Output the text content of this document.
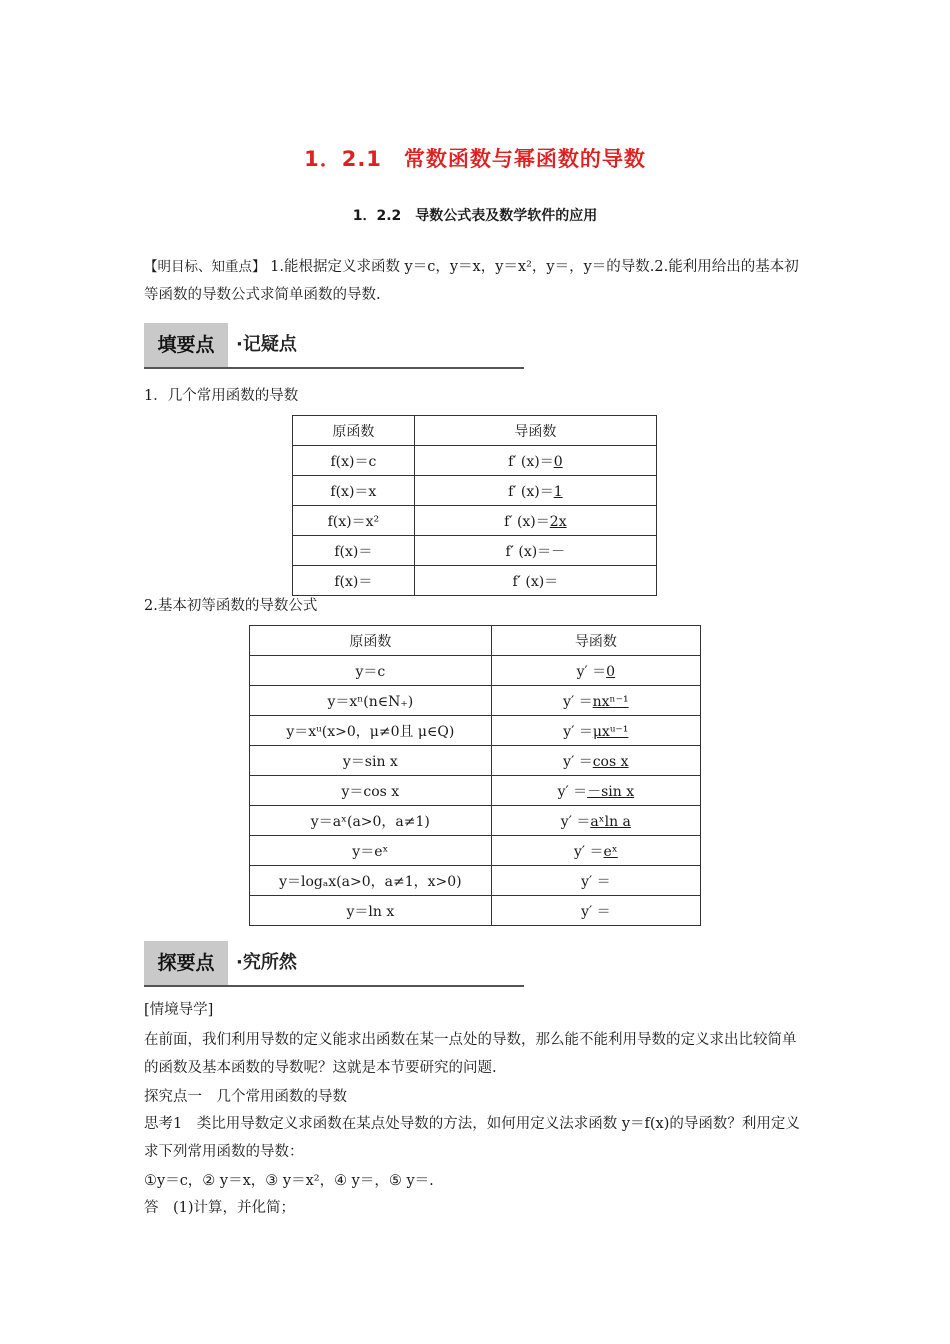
1．2.1　常数函数与幂函数的导数
1．2.2　导数公式表及数学软件的应用
【明目标、知重点】 1.能根据定义求函数 y＝c，y＝x，y＝x²，y＝，y＝的导数.2.能利用给出的基本初等函数的导数公式求简单函数的导数.
填要点	·记疑点
1．几个常用函数的导数
原函数	导函数
f(x)＝c	f′ (x)＝0
f(x)＝x	f′ (x)＝1
f(x)＝x²	f′ (x)＝2x
f(x)＝	f′ (x)＝－
f(x)＝	f′ (x)＝
2.基本初等函数的导数公式
原函数	导函数
y＝c	y′ ＝0
y＝xⁿ(n∈N₊)	y′ ＝nxⁿ⁻¹
y＝xᵘ(x>0，μ≠0且 μ∈Q)	y′ ＝μxᵘ⁻¹
y＝sin x	y′ ＝cos x
y＝cos x	y′ ＝－sin x
y＝aˣ(a>0，a≠1)	y′ ＝aˣln a
y＝eˣ	y′ ＝eˣ
y＝logₐx(a>0，a≠1，x>0)	y′ ＝
y＝ln x	y′ ＝
探要点	·究所然
[情境导学]
在前面，我们利用导数的定义能求出函数在某一点处的导数，那么能不能利用导数的定义求出比较简单的函数及基本函数的导数呢？这就是本节要研究的问题.
探究点一　几个常用函数的导数
思考1　类比用导数定义求函数在某点处导数的方法，如何用定义法求函数 y＝f(x)的导函数？利用定义求下列常用函数的导数：
①y＝c，② y＝x，③ y＝x²，④ y＝，⑤ y＝.
答　(1)计算，并化简；
